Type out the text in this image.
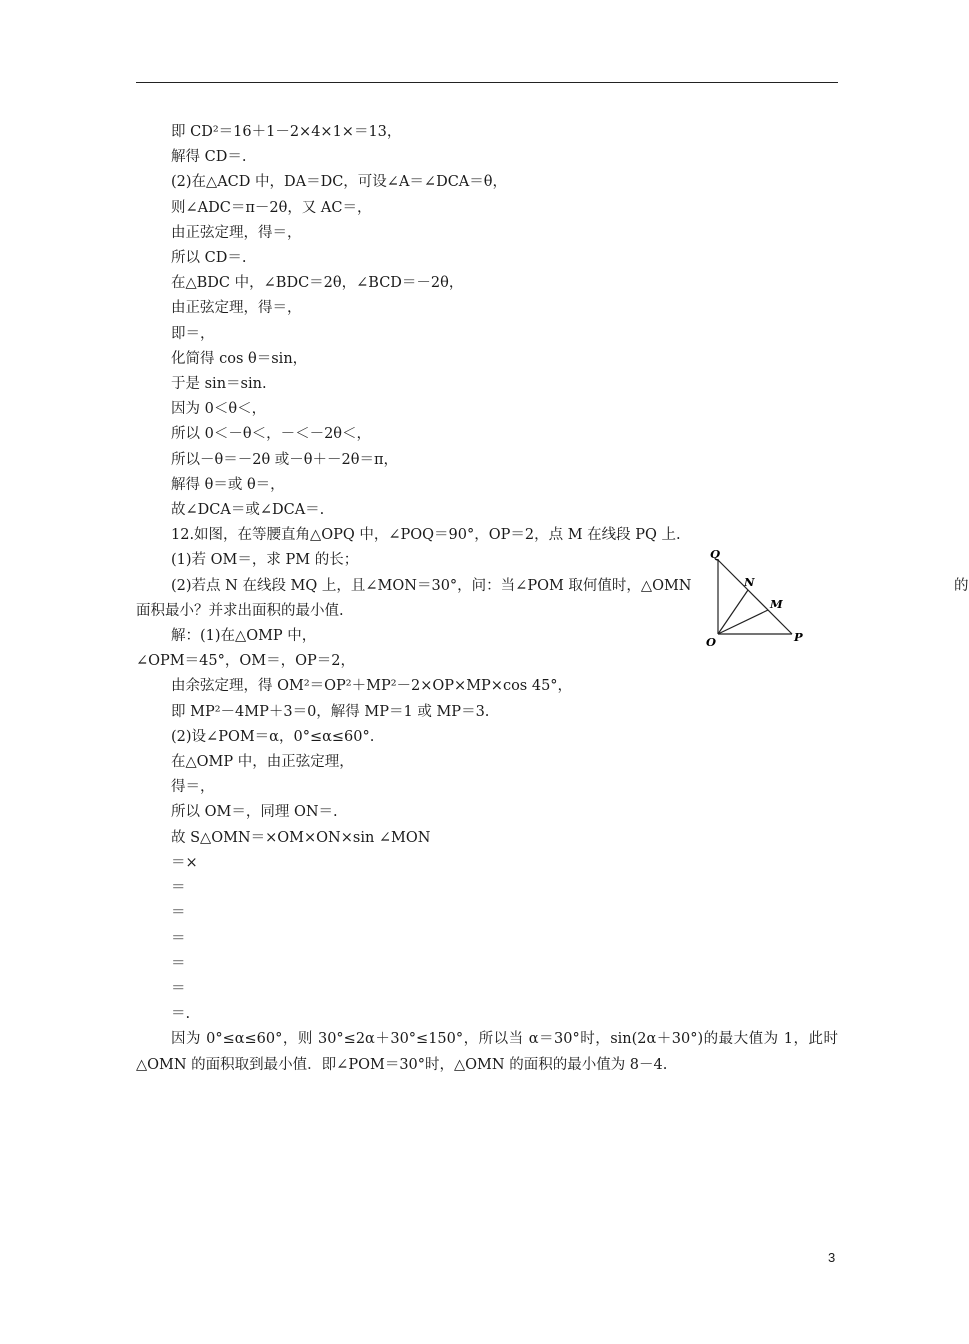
即 CD²＝16＋1－2×4×1×＝13，
解得 CD＝.
(2)在△ACD 中，DA＝DC，可设∠A＝∠DCA＝θ，
则∠ADC＝π－2θ，又 AC＝，
由正弦定理，得＝，
所以 CD＝.
在△BDC 中，∠BDC＝2θ，∠BCD＝－2θ，
由正弦定理，得＝，
即＝，
化简得 cos θ＝sin，
于是 sin＝sin.
因为 0＜θ＜，
所以 0＜－θ＜，－＜－2θ＜，
所以－θ＝－2θ 或－θ＋－2θ＝π，
解得 θ＝或 θ＝，
故∠DCA＝或∠DCA＝.
12.如图，在等腰直角△OPQ 中，∠POQ＝90°，OP＝2，点 M 在线段 PQ 上.
(1)若 OM＝，求 PM 的长；
(2)若点 N 在线段 MQ 上，且∠MON＝30°，问：当∠POM 取何值时，△OMN	的
面积最小？并求出面积的最小值.
解：(1)在△OMP 中，
∠OPM＝45°，OM＝，OP＝2，
由余弦定理，得 OM²＝OP²＋MP²－2×OP×MP×cos 45°，
即 MP²－4MP＋3＝0，解得 MP＝1 或 MP＝3.
(2)设∠POM＝α，0°≤α≤60°.
在△OMP 中，由正弦定理，
得＝，
所以 OM＝，同理 ON＝.
故 S△OMN＝×OM×ON×sin ∠MON
＝×
＝
＝
＝
＝
＝
＝.
因为 0°≤α≤60°，则 30°≤2α＋30°≤150°，所以当 α＝30°时，sin(2α＋30°)的最大值为 1，此时△OMN 的面积取到最小值．即∠POM＝30°时，△OMN 的面积的最小值为 8－4.
Q
N
M
O	P
3
